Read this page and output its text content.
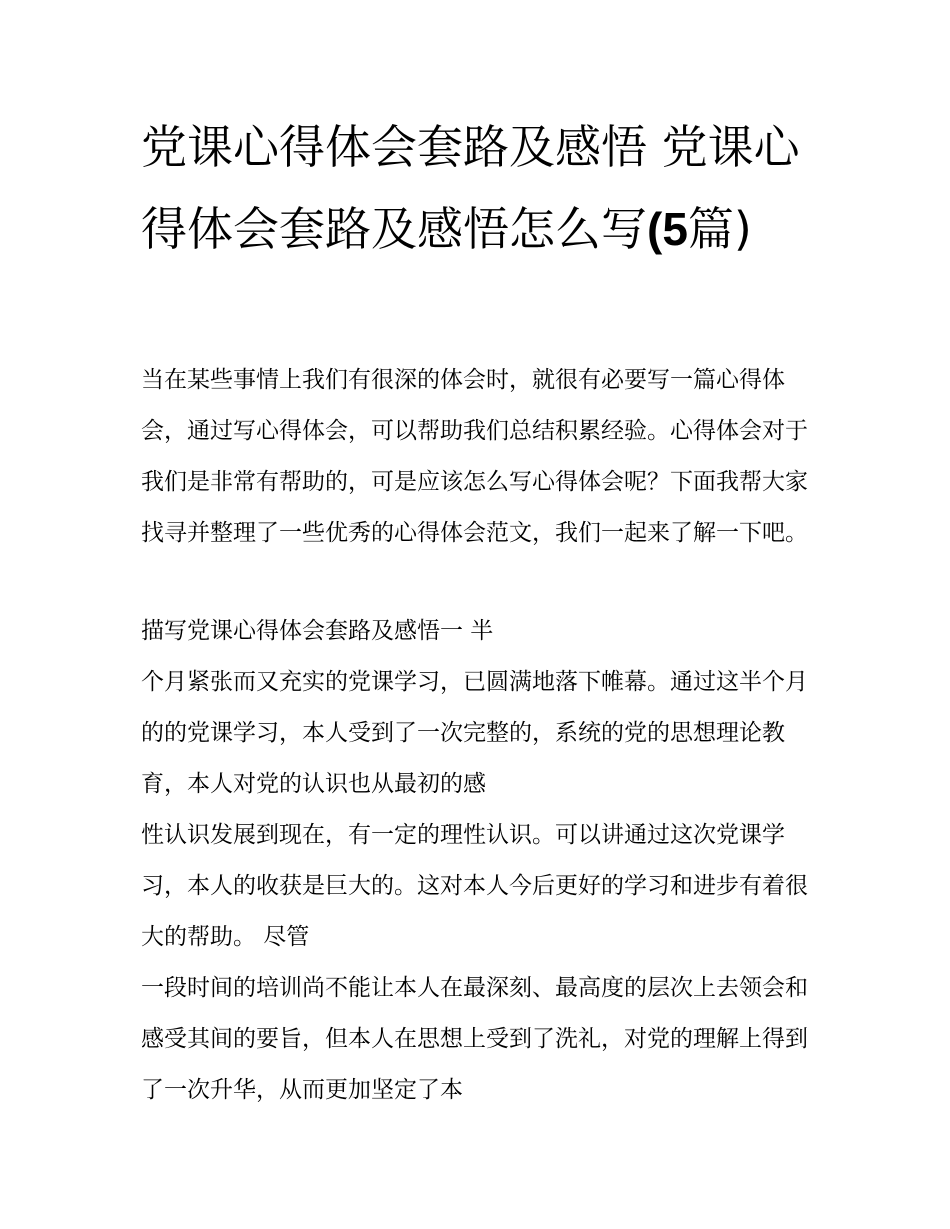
党课心得体会套路及感悟 党课心得体会套路及感悟怎么写(5篇)

当在某些事情上我们有很深的体会时，就很有必要写一篇心得体会，通过写心得体会，可以帮助我们总结积累经验。心得体会对于我们是非常有帮助的，可是应该怎么写心得体会呢？下面我帮大家找寻并整理了一些优秀的心得体会范文，我们一起来了解一下吧。

描写党课心得体会套路及感悟一 半

个月紧张而又充实的党课学习，已圆满地落下帷幕。通过这半个月的的党课学习，本人受到了一次完整的，系统的党的思想理论教育，本人对党的认识也从最初的感

性认识发展到现在，有一定的理性认识。可以讲通过这次党课学习，本人的收获是巨大的。这对本人今后更好的学习和进步有着很大的帮助。 尽管

一段时间的培训尚不能让本人在最深刻、最高度的层次上去领会和感受其间的要旨，但本人在思想上受到了洗礼，对党的理解上得到了一次升华，从而更加坚定了本
